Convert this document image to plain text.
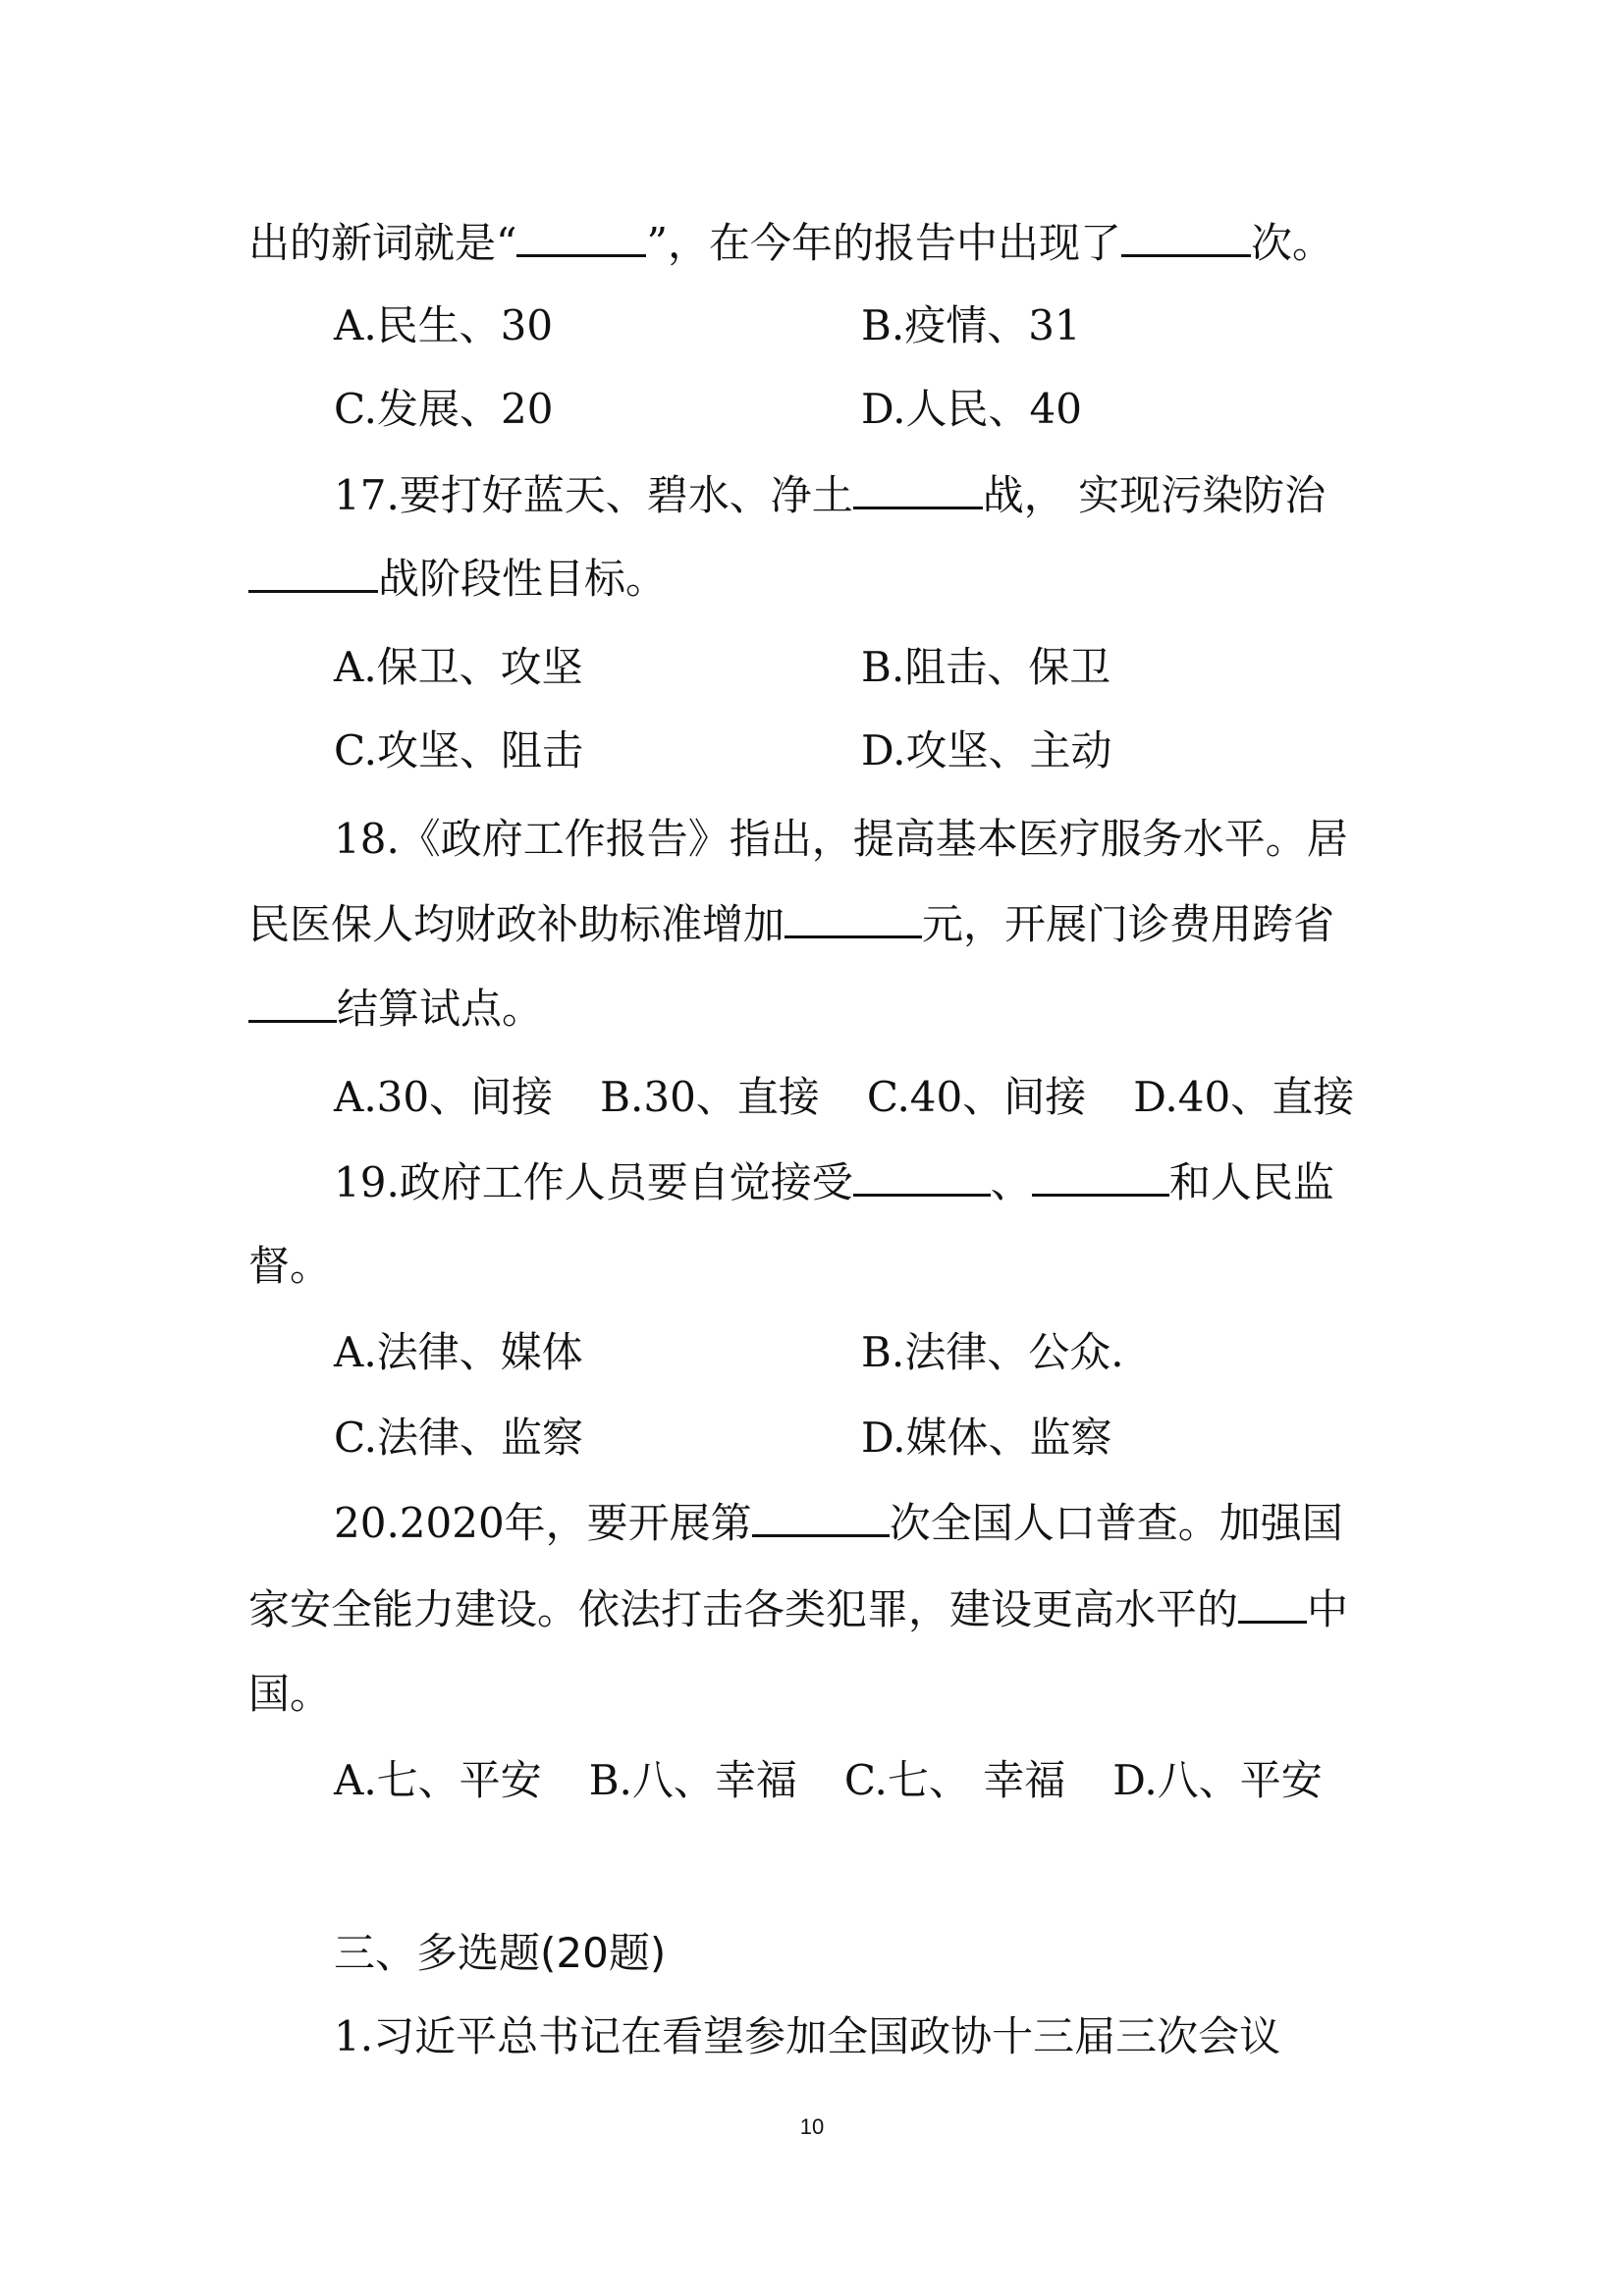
出的新词就是“	”，在今年的报告中出现了	次。
A.民生、30	B.疫情、31
C.发展、20	D.人民、40
17.要打好蓝天、碧水、净土	战， 实现污染防治
战阶段性目标。
A.保卫、攻坚	B.阻击、保卫
C.攻坚、阻击	D.攻坚、主动
18.《政府工作报告》指出，提高基本医疗服务水平。居
民医保人均财政补助标准增加	元，开展门诊费用跨省
结算试点。
A.30、间接 B.30、直接 C.40、间接 D.40、直接
19.政府工作人员要自觉接受	、	和人民监
督。
A.法律、媒体	B.法律、公众.
C.法律、监察	D.媒体、监察
20.2020年，要开展第	次全国人口普查。加强国
家安全能力建设。依法打击各类犯罪，建设更高水平的 中
国。
A.七、平安 B.八、幸福 C.七、 幸福 D.八、平安
三、多选题(20题)
1.习近平总书记在看望参加全国政协十三届三次会议
10
